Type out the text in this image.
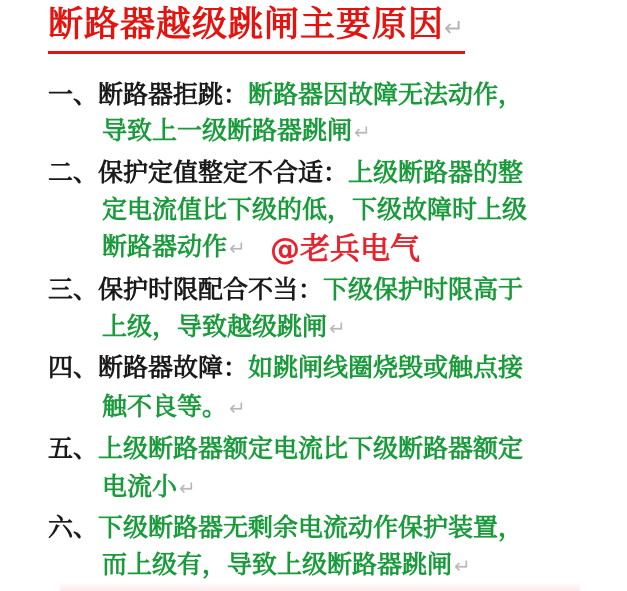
断路器越级跳闸主要原因↵
一、断路器拒跳：断路器因故障无法动作，
导致上一级断路器跳闸 ↵
二、保护定值整定不合适：上级断路器的整
定电流值比下级的低，下级故障时上级
断路器动作 ↵ @老兵电气
三、保护时限配合不当：下级保护时限高于
上级，导致越级跳闸 ↵
四、断路器故障：如跳闸线圈烧毁或触点接
触不良等。 ↵
五、上级断路器额定电流比下级断路器额定
电流小 ↵
六、下级断路器无剩余电流动作保护装置，
而上级有，导致上级断路器跳闸 ↵
